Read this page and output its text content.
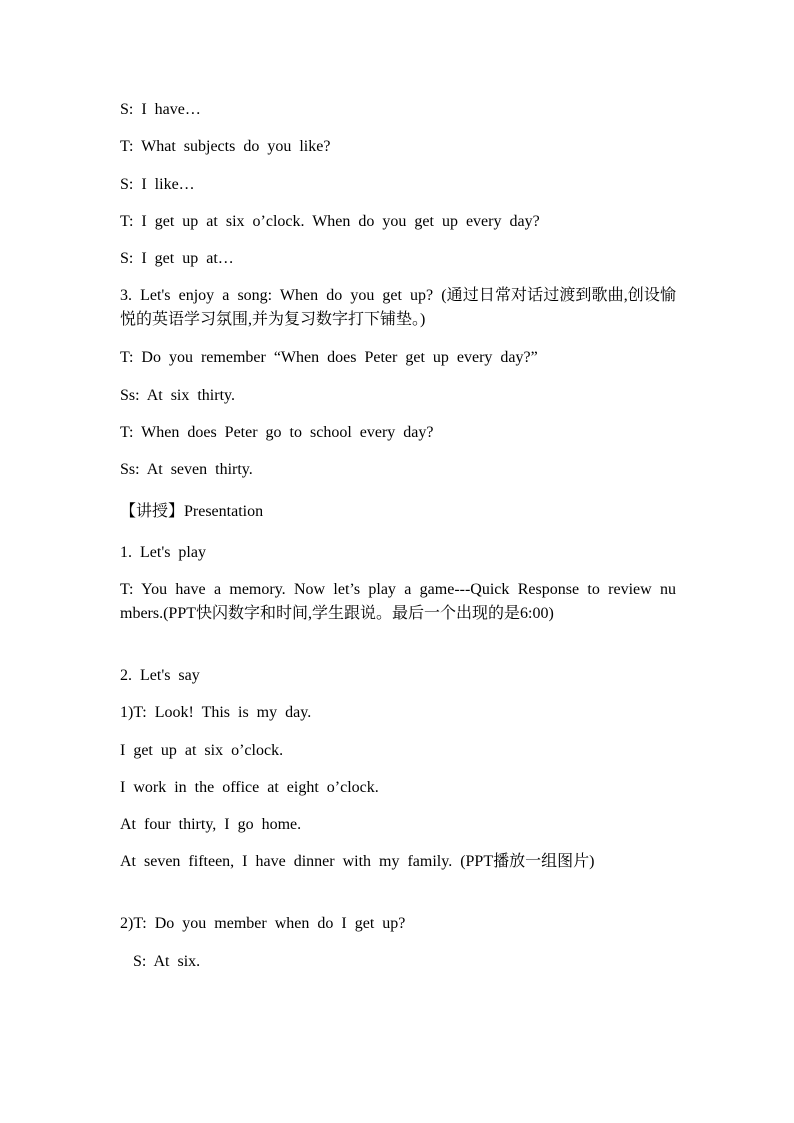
S: I have…
T: What subjects do you like?
S: I like…
T: I get up at six o’clock. When do you get up every day?
S: I get up at…
3. Let's enjoy a song: When do you get up? (通过日常对话过渡到歌曲,创设愉悦的英语学习氛围,并为复习数字打下铺垫。)
T: Do you remember “When does Peter get up every day?”
Ss: At six thirty.
T: When does Peter go to school every day?
Ss: At seven thirty.
【讲授】Presentation
1. Let's play
T: You have a memory. Now let’s play a game---Quick Response to review numbers.(PPT快闪数字和时间,学生跟说。最后一个出现的是6:00)
2. Let's say
1)T: Look! This is my day.
I get up at six o’clock.
I work in the office at eight o’clock.
At four thirty, I go home.
At seven fifteen, I have dinner with my family. (PPT播放一组图片)
2)T: Do you member when do I get up?
S: At six.
